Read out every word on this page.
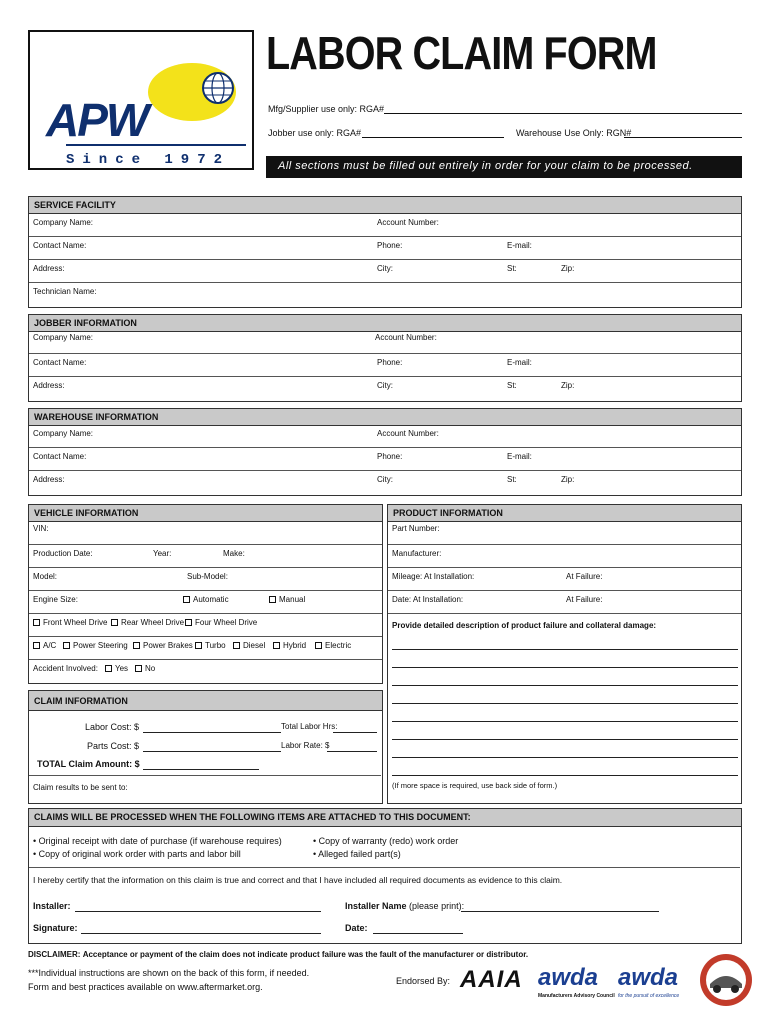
APW
Since 1972
LABOR CLAIM FORM
Mfg/Supplier use only: RGA#
Jobber use only: RGA#	Warehouse Use Only: RGN#
All sections must be filled out entirely in order for your claim to be processed.
SERVICE FACILITY
Company Name:	Account Number:
Contact Name:	Phone:	E-mail:
Address:	City:	St:	Zip:
Technician Name:
JOBBER INFORMATION
Company Name:	Account Number:
Contact Name:	Phone:	E-mail:
Address:	City:	St:	Zip:
WAREHOUSE INFORMATION
Company Name:	Account Number:
Contact Name:	Phone:	E-mail:
Address:	City:	St:	Zip:
VEHICLE INFORMATION
VIN:
Production Date:	Year:	Make:
Model:	Sub-Model:
Engine Size:	Automatic	Manual
Front Wheel Drive	Rear Wheel Drive	Four Wheel Drive
A/C	Power Steering	Power Brakes	Turbo	Diesel	Hybrid	Electric
Accident Involved:	Yes	No
CLAIM INFORMATION
Labor Cost: $	Total Labor Hrs:
Parts Cost: $	Labor Rate: $
TOTAL Claim Amount: $
Claim results to be sent to:
PRODUCT INFORMATION
Part Number:
Manufacturer:
Mileage: At Installation:	At Failure:
Date: At Installation:	At Failure:
Provide detailed description of product failure and collateral damage:
(If more space is required, use back side of form.)
CLAIMS WILL BE PROCESSED WHEN THE FOLLOWING ITEMS ARE ATTACHED TO THIS DOCUMENT:
• Original receipt with date of purchase (if warehouse requires)
• Copy of original work order with parts and labor bill
• Copy of warranty (redo) work order
• Alleged failed part(s)
I hereby certify that the information on this claim is true and correct and that I have included all required documents as evidence to this claim.
Installer:	Installer Name (please print):
Signature:	Date:
DISCLAIMER: Acceptance or payment of the claim does not indicate product failure was the fault of the manufacturer or distributor.
***Individual instructions are shown on the back of this form, if needed.
Form and best practices available on www.aftermarket.org.
Endorsed By: AAIA awda
Manufacturers Advisory Council
awda
for the pursuit of excellence
